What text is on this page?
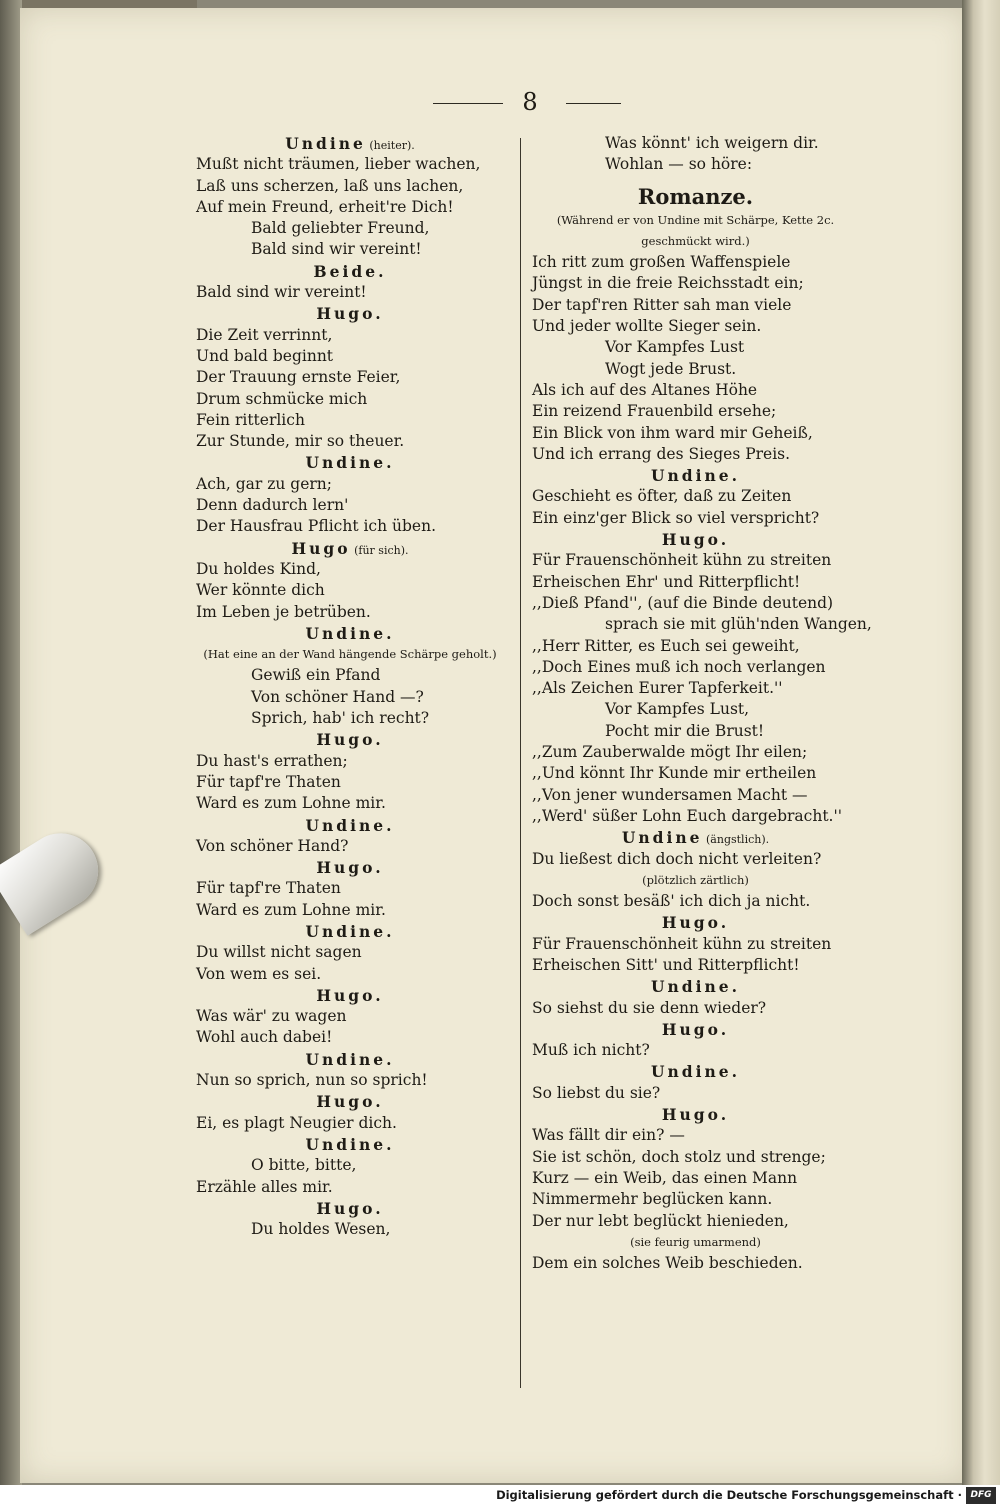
8
Undine (heiter).
Mußt nicht träumen, lieber wachen,
Laß uns scherzen, laß uns lachen,
Auf mein Freund, erheit're Dich!
Bald geliebter Freund,
Bald sind wir vereint!
Beide.
Bald sind wir vereint!
Hugo.
Die Zeit verrinnt,
Und bald beginnt
Der Trauung ernste Feier,
Drum schmücke mich
Fein ritterlich
Zur Stunde, mir so theuer.
Undine.
Ach, gar zu gern;
Denn dadurch lern'
Der Hausfrau Pflicht ich üben.
Hugo (für sich).
Du holdes Kind,
Wer könnte dich
Im Leben je betrüben.
Undine.
(Hat eine an der Wand hängende Schärpe geholt.)
Gewiß ein Pfand
Von schöner Hand —?
Sprich, hab' ich recht?
Hugo.
Du hast's errathen;
Für tapf're Thaten
Ward es zum Lohne mir.
Undine.
Von schöner Hand?
Hugo.
Für tapf're Thaten
Ward es zum Lohne mir.
Undine.
Du willst nicht sagen
Von wem es sei.
Hugo.
Was wär' zu wagen
Wohl auch dabei!
Undine.
Nun so sprich, nun so sprich!
Hugo.
Ei, es plagt Neugier dich.
Undine.
O bitte, bitte,
Erzähle alles mir.
Hugo.
Du holdes Wesen,
Was könnt' ich weigern dir.
Wohlan — so höre:
Romanze.
(Während er von Undine mit Schärpe, Kette 2c.
geschmückt wird.)
Ich ritt zum großen Waffenspiele
Jüngst in die freie Reichsstadt ein;
Der tapf'ren Ritter sah man viele
Und jeder wollte Sieger sein.
Vor Kampfes Lust
Wogt jede Brust.
Als ich auf des Altanes Höhe
Ein reizend Frauenbild ersehe;
Ein Blick von ihm ward mir Geheiß,
Und ich errang des Sieges Preis.
Undine.
Geschieht es öfter, daß zu Zeiten
Ein einz'ger Blick so viel verspricht?
Hugo.
Für Frauenschönheit kühn zu streiten
Erheischen Ehr' und Ritterpflicht!
,,Dieß Pfand'', (auf die Binde deutend)
sprach sie mit glüh'nden Wangen,
,,Herr Ritter, es Euch sei geweiht,
,,Doch Eines muß ich noch verlangen
,,Als Zeichen Eurer Tapferkeit.''
Vor Kampfes Lust,
Pocht mir die Brust!
,,Zum Zauberwalde mögt Ihr eilen;
,,Und könnt Ihr Kunde mir ertheilen
,,Von jener wundersamen Macht —
,,Werd' süßer Lohn Euch dargebracht.''
Undine (ängstlich).
Du ließest dich doch nicht verleiten?
(plötzlich zärtlich)
Doch sonst besäß' ich dich ja nicht.
Hugo.
Für Frauenschönheit kühn zu streiten
Erheischen Sitt' und Ritterpflicht!
Undine.
So siehst du sie denn wieder?
Hugo.
Muß ich nicht?
Undine.
So liebst du sie?
Hugo.
Was fällt dir ein? —
Sie ist schön, doch stolz und strenge;
Kurz — ein Weib, das einen Mann
Nimmermehr beglücken kann.
Der nur lebt beglückt hienieden,
(sie feurig umarmend)
Dem ein solches Weib beschieden.
Digitalisierung gefördert durch die Deutsche Forschungsgemeinschaft · DFG
